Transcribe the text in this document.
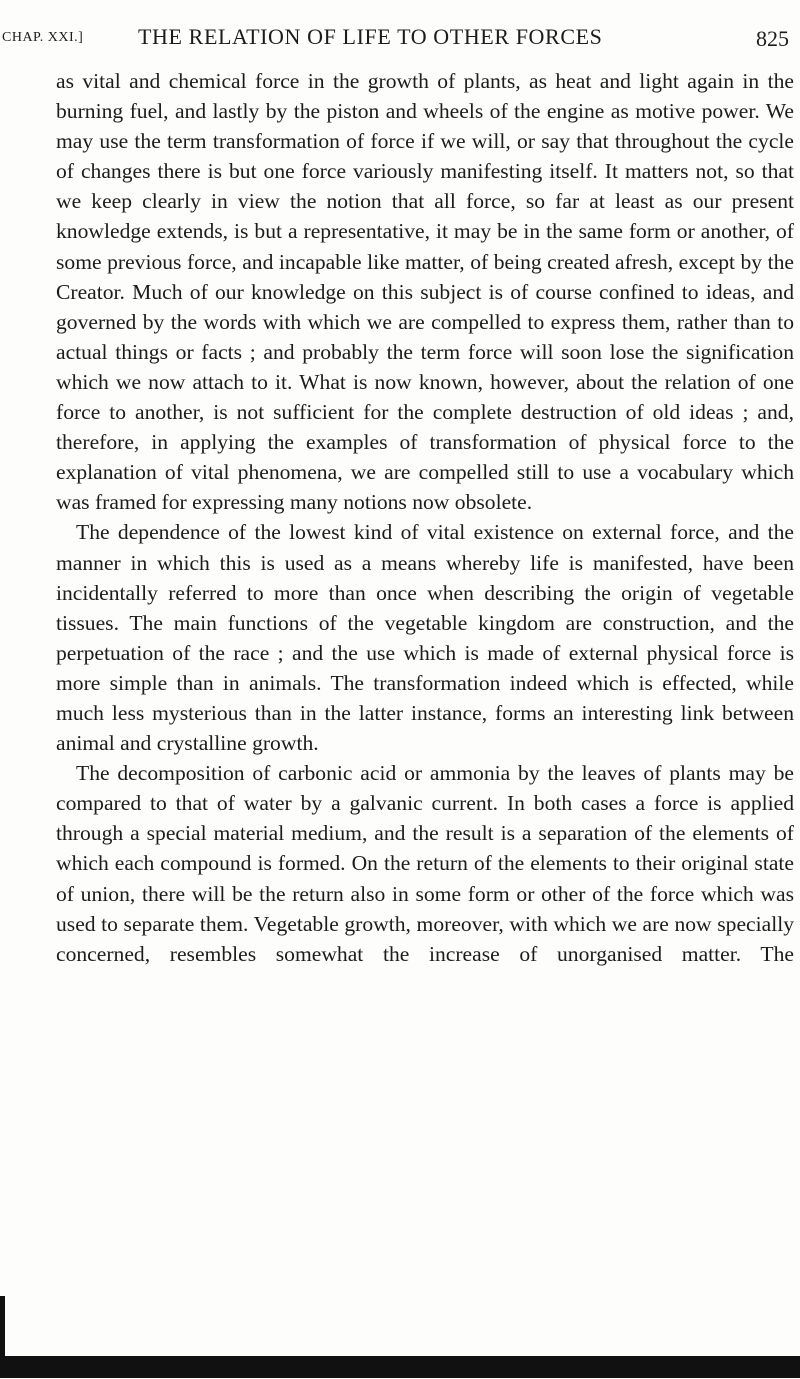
CHAP. XXI.] THE RELATION OF LIFE TO OTHER FORCES	825

as vital and chemical force in the growth of plants, as heat and light again in the burning fuel, and lastly by the piston and wheels of the engine as motive power. We may use the term transformation of force if we will, or say that throughout the cycle of changes there is but one force variously manifesting itself. It matters not, so that we keep clearly in view the notion that all force, so far at least as our present knowledge extends, is but a representative, it may be in the same form or another, of some previous force, and incapable like matter, of being created afresh, except by the Creator. Much of our knowledge on this subject is of course confined to ideas, and governed by the words with which we are compelled to express them, rather than to actual things or facts ; and probably the term force will soon lose the signification which we now attach to it. What is now known, however, about the relation of one force to another, is not sufficient for the complete destruction of old ideas ; and, therefore, in applying the examples of transformation of physical force to the explanation of vital phenomena, we are compelled still to use a vocabulary which was framed for expressing many notions now obsolete.

The dependence of the lowest kind of vital existence on external force, and the manner in which this is used as a means whereby life is manifested, have been incidentally referred to more than once when describing the origin of vegetable tissues. The main functions of the vegetable kingdom are construction, and the perpetuation of the race ; and the use which is made of external physical force is more simple than in animals. The transformation indeed which is effected, while much less mysterious than in the latter instance, forms an interesting link between animal and crystalline growth.

The decomposition of carbonic acid or ammonia by the leaves of plants may be compared to that of water by a galvanic current. In both cases a force is applied through a special material medium, and the result is a separation of the elements of which each compound is formed. On the return of the elements to their original state of union, there will be the return also in some form or other of the force which was used to separate them. Vegetable growth, moreover, with which we are now specially concerned, resembles somewhat the increase of unorganised matter. The
